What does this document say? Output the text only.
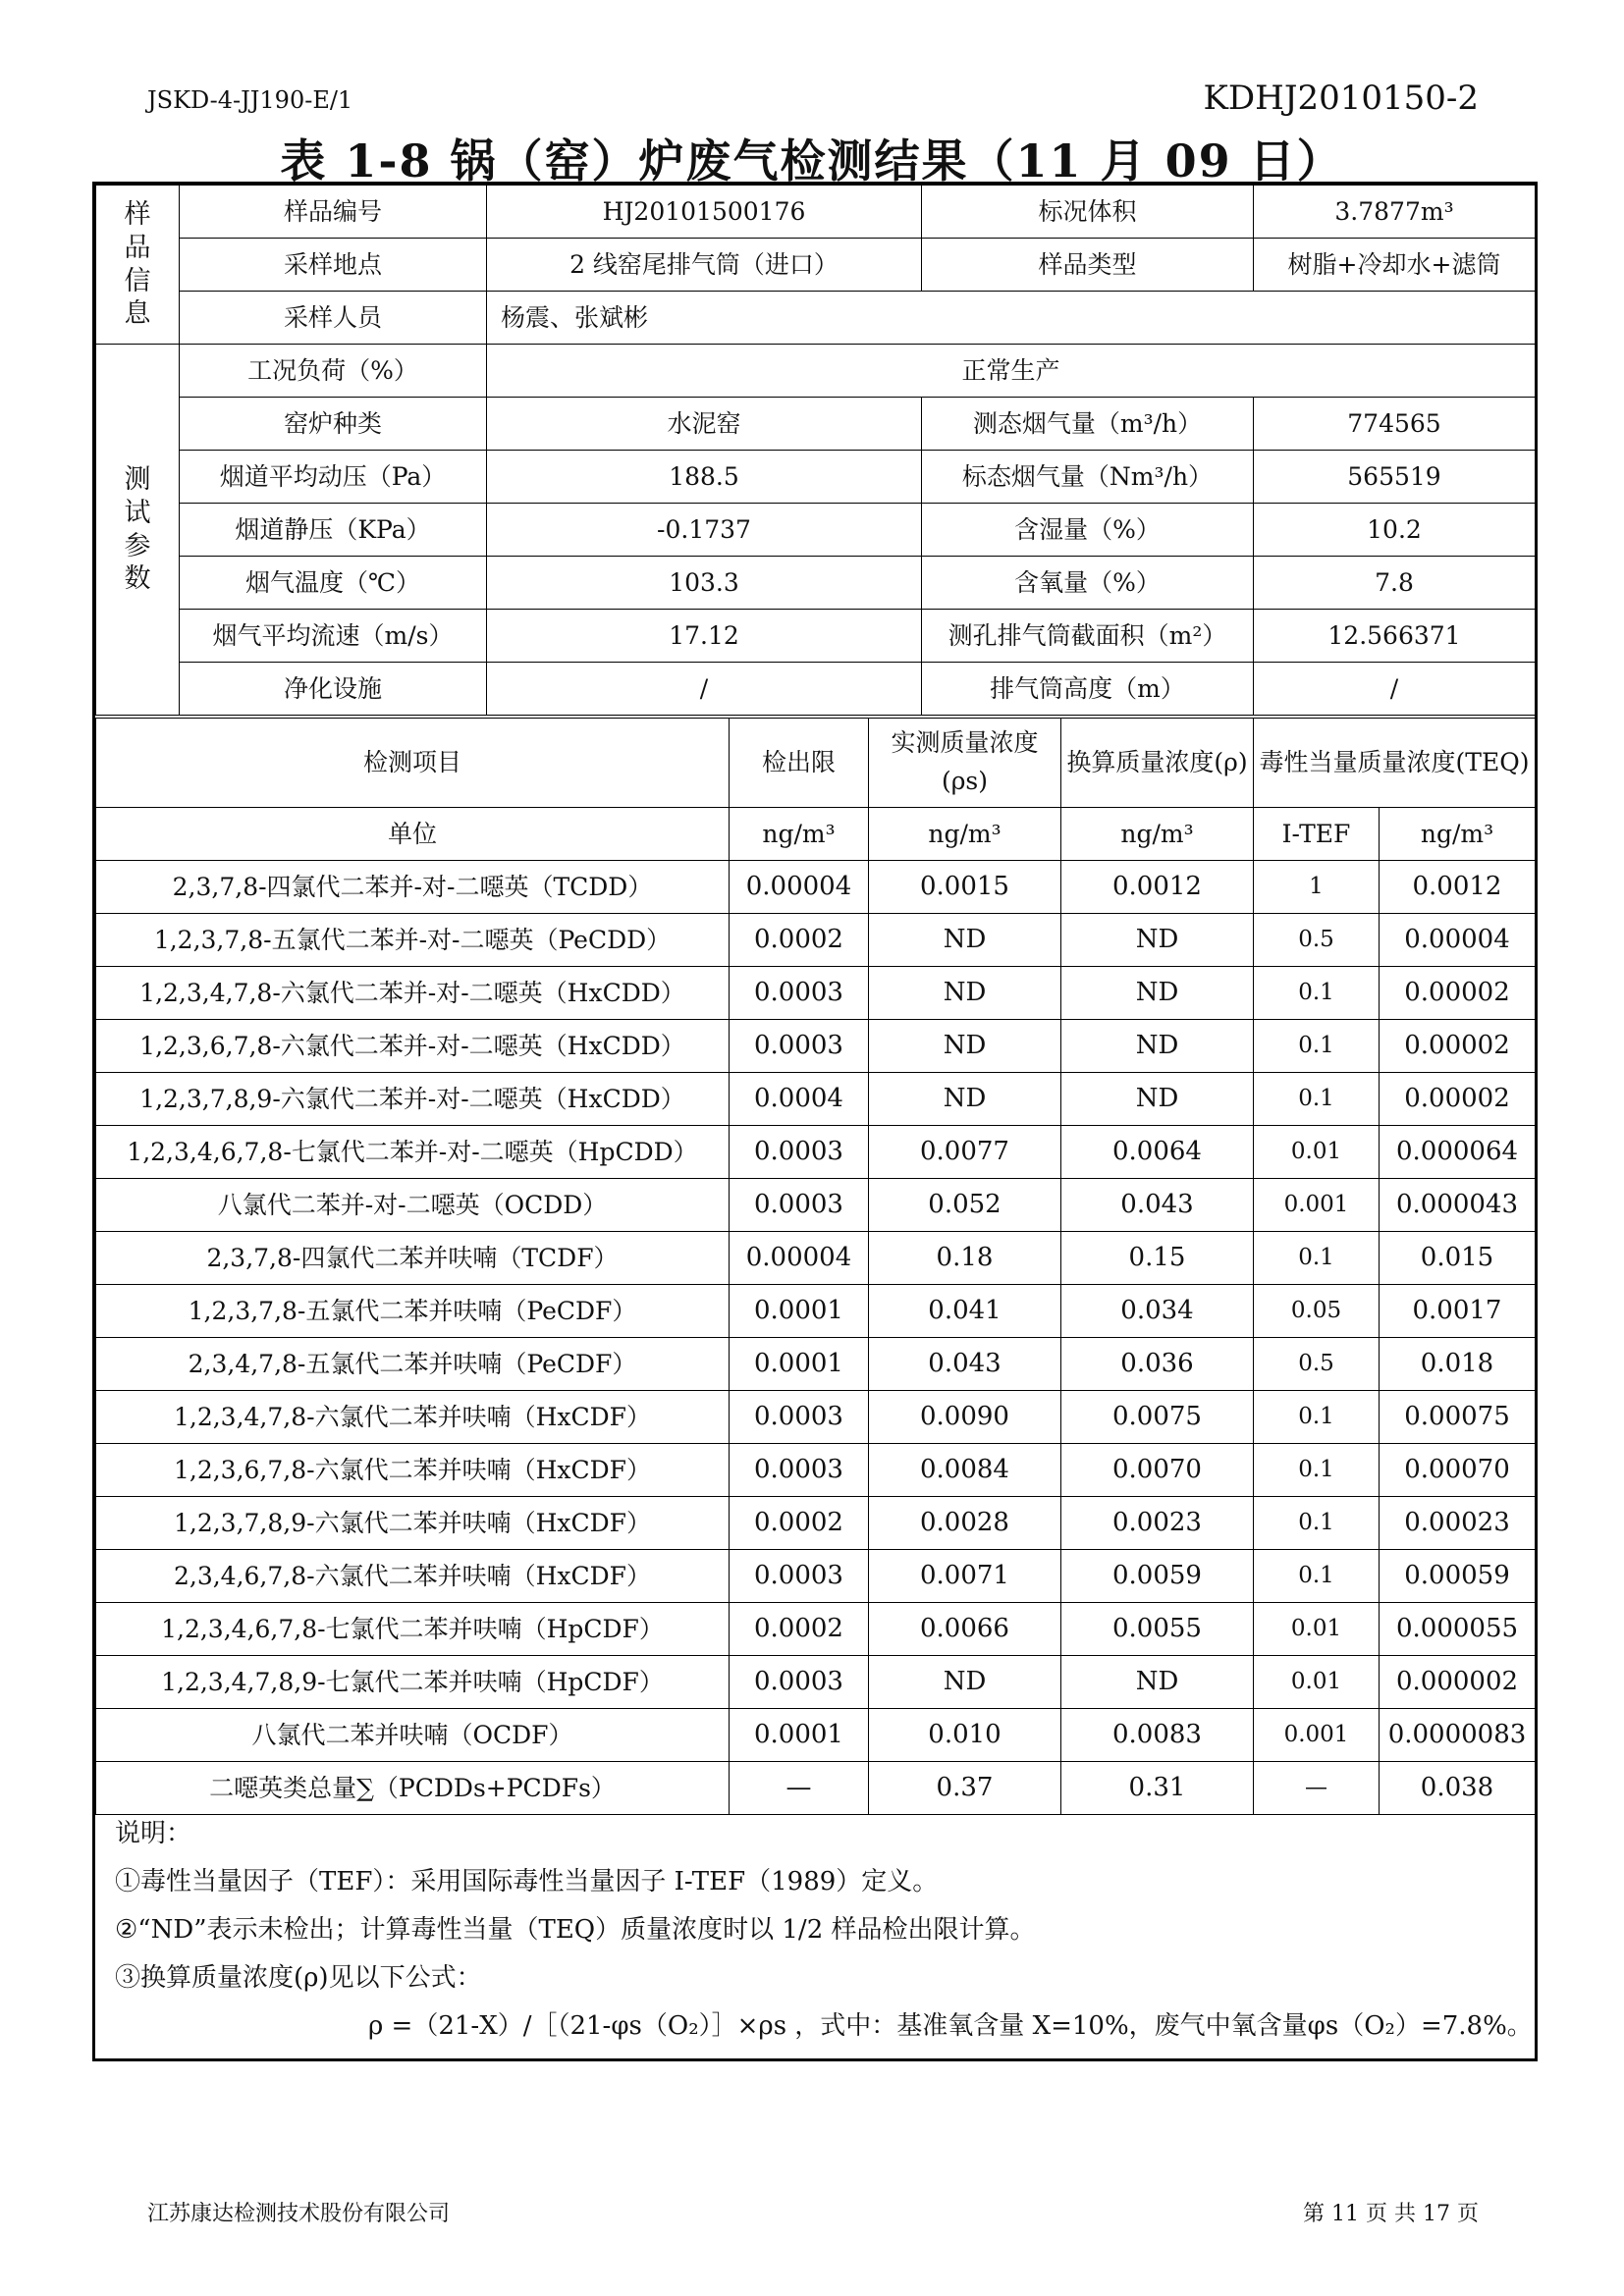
JSKD-4-JJ190-E/1	KDHJ2010150-2
表 1-8 锅（窑）炉废气检测结果（11 月 09 日）
样
品
信
息	样品编号	HJ20101500176	标况体积	3.7877m³
	采样地点	2 线窑尾排气筒（进口）	样品类型	树脂+冷却水+滤筒
	采样人员	杨震、张斌彬		

测
试
参
数	工况负荷（%）	正常生产		
	窑炉种类	水泥窑	测态烟气量（m³/h）	774565
	烟道平均动压（Pa）	188.5	标态烟气量（Nm³/h）	565519
	烟道静压（KPa）	-0.1737	含湿量（%）	10.2
	烟气温度（℃）	103.3	含氧量（%）	7.8
	烟气平均流速（m/s）	17.12	测孔排气筒截面积（m²）	12.566371
	净化设施	/	排气筒高度（m）	/
检测项目	检出限	实测质量浓度(ρs)	换算质量浓度(ρ)	毒性当量质量浓度(TEQ)	
单位	ng/m³	ng/m³	ng/m³	I-TEF	ng/m³
2,3,7,8-四氯代二苯并-对-二噁英（TCDD）	0.00004	0.0015	0.0012	1	0.0012
1,2,3,7,8-五氯代二苯并-对-二噁英（PeCDD）	0.0002	ND	ND	0.5	0.00004
1,2,3,4,7,8-六氯代二苯并-对-二噁英（HxCDD）	0.0003	ND	ND	0.1	0.00002
1,2,3,6,7,8-六氯代二苯并-对-二噁英（HxCDD）	0.0003	ND	ND	0.1	0.00002
1,2,3,7,8,9-六氯代二苯并-对-二噁英（HxCDD）	0.0004	ND	ND	0.1	0.00002
1,2,3,4,6,7,8-七氯代二苯并-对-二噁英（HpCDD）	0.0003	0.0077	0.0064	0.01	0.000064
八氯代二苯并-对-二噁英（OCDD）	0.0003	0.052	0.043	0.001	0.000043
2,3,7,8-四氯代二苯并呋喃（TCDF）	0.00004	0.18	0.15	0.1	0.015
1,2,3,7,8-五氯代二苯并呋喃（PeCDF）	0.0001	0.041	0.034	0.05	0.0017
2,3,4,7,8-五氯代二苯并呋喃（PeCDF）	0.0001	0.043	0.036	0.5	0.018
1,2,3,4,7,8-六氯代二苯并呋喃（HxCDF）	0.0003	0.0090	0.0075	0.1	0.00075
1,2,3,6,7,8-六氯代二苯并呋喃（HxCDF）	0.0003	0.0084	0.0070	0.1	0.00070
1,2,3,7,8,9-六氯代二苯并呋喃（HxCDF）	0.0002	0.0028	0.0023	0.1	0.00023
2,3,4,6,7,8-六氯代二苯并呋喃（HxCDF）	0.0003	0.0071	0.0059	0.1	0.00059
1,2,3,4,6,7,8-七氯代二苯并呋喃（HpCDF）	0.0002	0.0066	0.0055	0.01	0.000055
1,2,3,4,7,8,9-七氯代二苯并呋喃（HpCDF）	0.0003	ND	ND	0.01	0.000002
八氯代二苯并呋喃（OCDF）	0.0001	0.010	0.0083	0.001	0.0000083
二噁英类总量∑（PCDDs+PCDFs）	—	0.37	0.31	—	0.038
说明：
①毒性当量因子（TEF）：采用国际毒性当量因子 I-TEF（1989）定义。
②“ND”表示未检出；计算毒性当量（TEQ）质量浓度时以 1/2 样品检出限计算。
③换算质量浓度(ρ)见以下公式：
ρ =（21-X）/［（21-φs（O₂）］×ρs ，式中：基准氧含量 X=10%，废气中氧含量φs（O₂）=7.8%。
江苏康达检测技术股份有限公司	第 11 页 共 17 页
